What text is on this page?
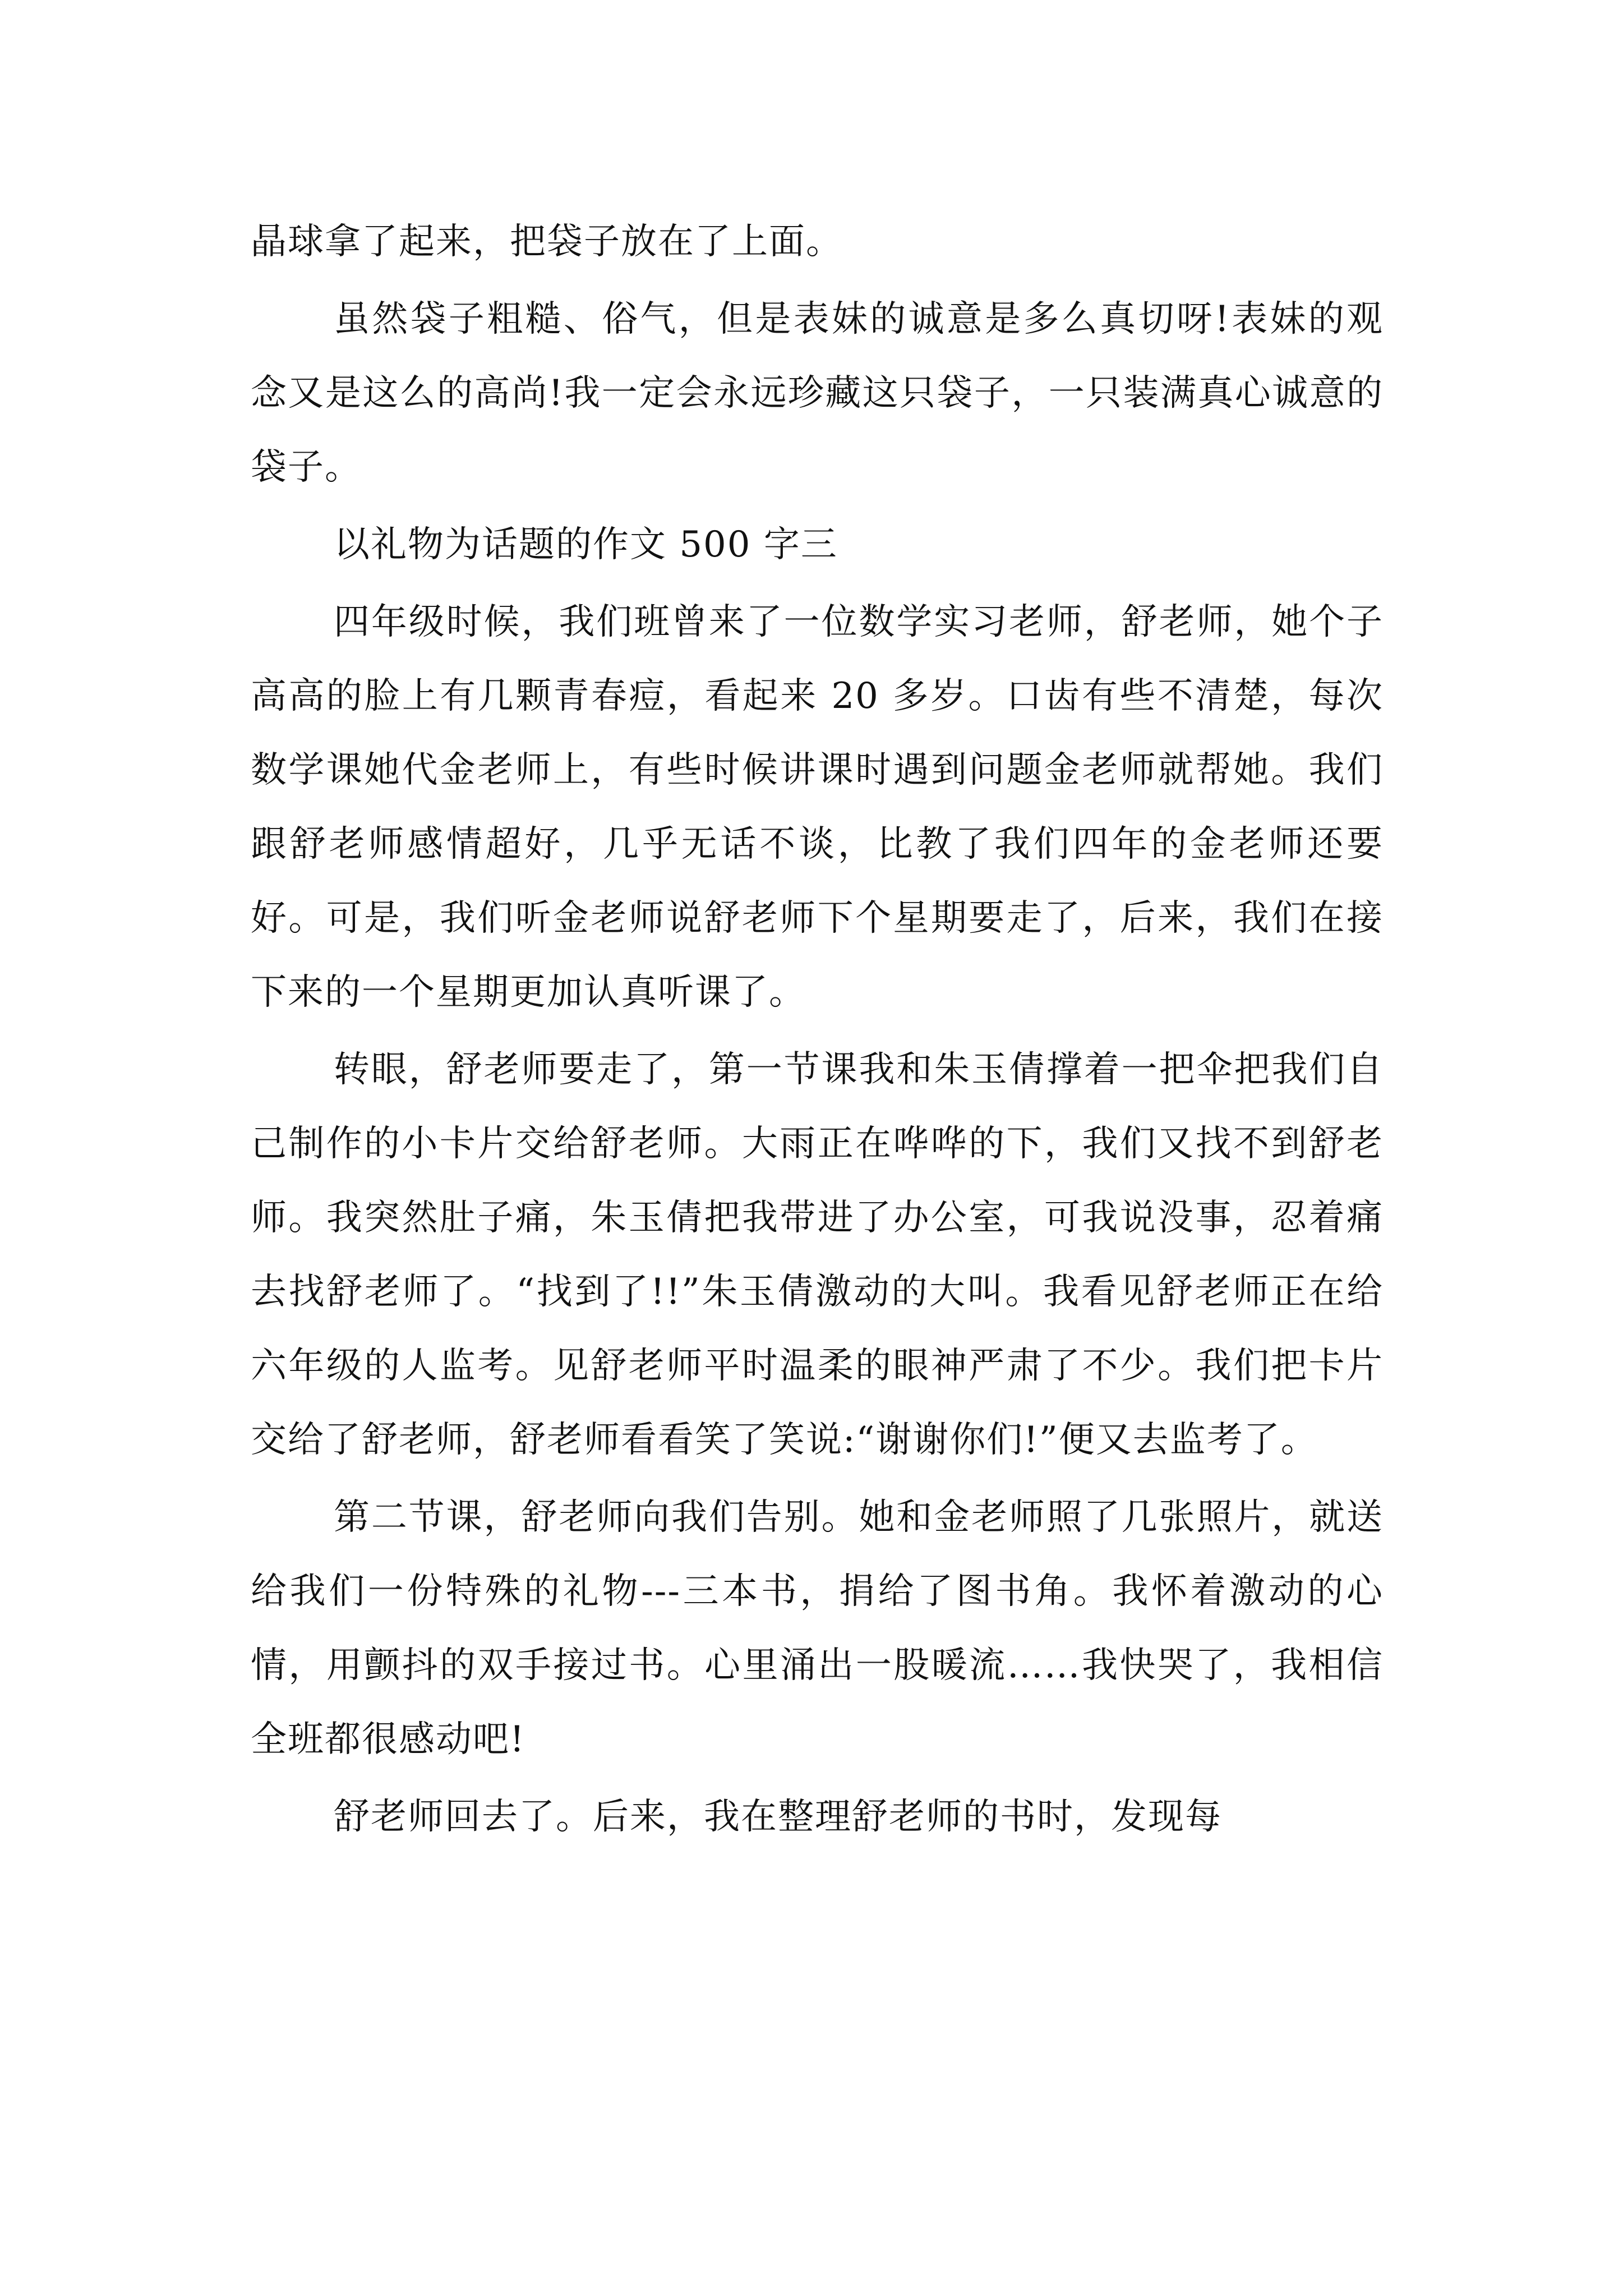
晶球拿了起来，把袋子放在了上面。

虽然袋子粗糙、俗气，但是表妹的诚意是多么真切呀!表妹的观念又是这么的高尚!我一定会永远珍藏这只袋子，一只装满真心诚意的袋子。

以礼物为话题的作文 500 字三

四年级时候，我们班曾来了一位数学实习老师，舒老师，她个子高高的脸上有几颗青春痘，看起来 20 多岁。口齿有些不清楚，每次数学课她代金老师上，有些时候讲课时遇到问题金老师就帮她。我们跟舒老师感情超好，几乎无话不谈，比教了我们四年的金老师还要好。可是，我们听金老师说舒老师下个星期要走了，后来，我们在接下来的一个星期更加认真听课了。

转眼，舒老师要走了，第一节课我和朱玉倩撑着一把伞把我们自己制作的小卡片交给舒老师。大雨正在哗哗的下，我们又找不到舒老师。我突然肚子痛，朱玉倩把我带进了办公室，可我说没事，忍着痛去找舒老师了。“找到了!!”朱玉倩激动的大叫。我看见舒老师正在给六年级的人监考。见舒老师平时温柔的眼神严肃了不少。我们把卡片交给了舒老师，舒老师看看笑了笑说:“谢谢你们!”便又去监考了。

第二节课，舒老师向我们告别。她和金老师照了几张照片，就送给我们一份特殊的礼物---三本书，捐给了图书角。我怀着激动的心情，用颤抖的双手接过书。心里涌出一股暖流……我快哭了，我相信全班都很感动吧!

舒老师回去了。后来，我在整理舒老师的书时，发现每
